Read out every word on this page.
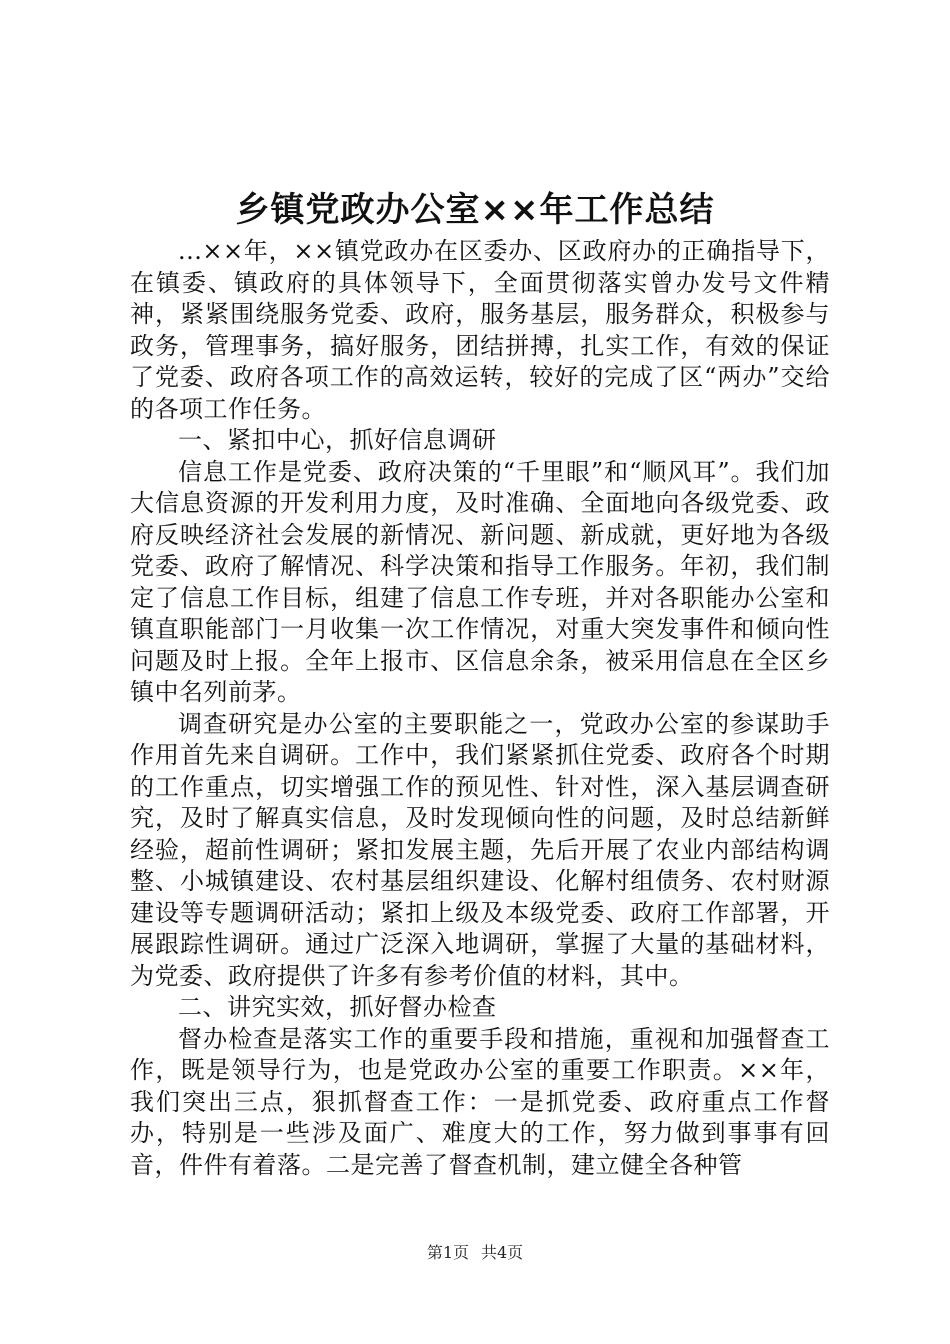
乡镇党政办公室××年工作总结

...××年，××镇党政办在区委办、区政府办的正确指导下，在镇委、镇政府的具体领导下，全面贯彻落实曾办发号文件精神，紧紧围绕服务党委、政府，服务基层，服务群众，积极参与政务，管理事务，搞好服务，团结拼搏，扎实工作，有效的保证了党委、政府各项工作的高效运转，较好的完成了区“两办”交给的各项工作任务。

一、紧扣中心，抓好信息调研

信息工作是党委、政府决策的“千里眼”和“顺风耳”。我们加大信息资源的开发利用力度，及时准确、全面地向各级党委、政府反映经济社会发展的新情况、新问题、新成就，更好地为各级党委、政府了解情况、科学决策和指导工作服务。年初，我们制定了信息工作目标，组建了信息工作专班，并对各职能办公室和镇直职能部门一月收集一次工作情况，对重大突发事件和倾向性问题及时上报。全年上报市、区信息余条，被采用信息在全区乡镇中名列前茅。

调查研究是办公室的主要职能之一，党政办公室的参谋助手作用首先来自调研。工作中，我们紧紧抓住党委、政府各个时期的工作重点，切实增强工作的预见性、针对性，深入基层调查研究，及时了解真实信息，及时发现倾向性的问题，及时总结新鲜经验，超前性调研；紧扣发展主题，先后开展了农业内部结构调整、小城镇建设、农村基层组织建设、化解村组债务、农村财源建设等专题调研活动；紧扣上级及本级党委、政府工作部署，开展跟踪性调研。通过广泛深入地调研，掌握了大量的基础材料，为党委、政府提供了许多有参考价值的材料，其中。

二、讲究实效，抓好督办检查

督办检查是落实工作的重要手段和措施，重视和加强督查工作，既是领导行为，也是党政办公室的重要工作职责。××年，我们突出三点，狠抓督查工作：一是抓党委、政府重点工作督办，特别是一些涉及面广、难度大的工作，努力做到事事有回音，件件有着落。二是完善了督查机制，建立健全各种管

第1页 共4页
